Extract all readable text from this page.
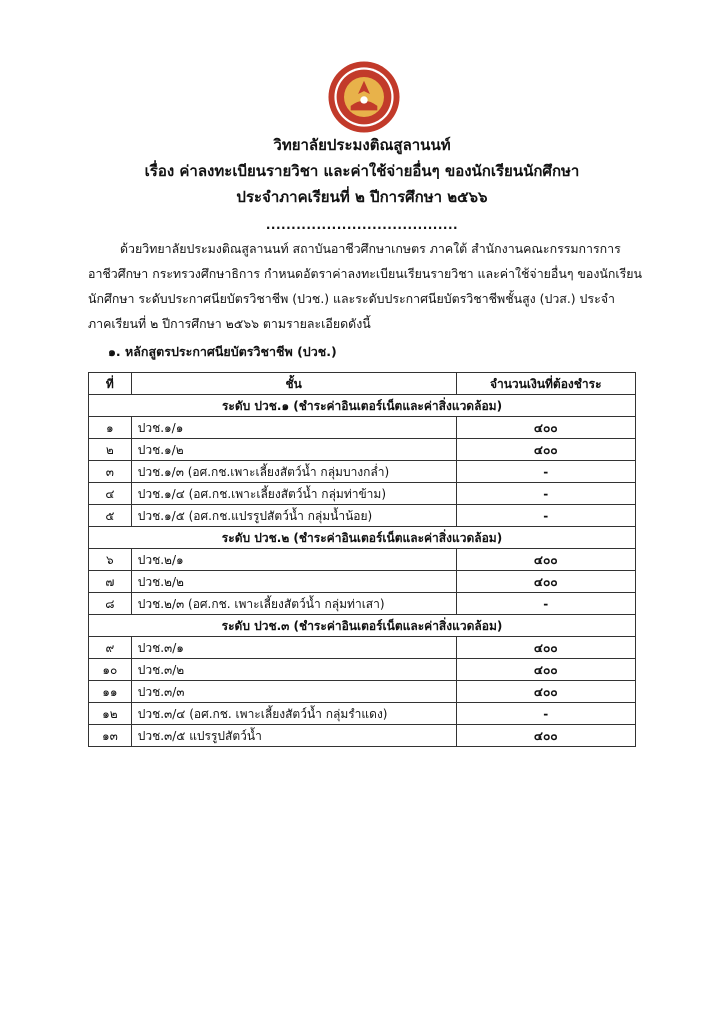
วิทยาลัยประมงติณสูลานนท์
เรื่อง ค่าลงทะเบียนรายวิชา และค่าใช้จ่ายอื่นๆ ของนักเรียนนักศึกษา
ประจำภาคเรียนที่ ๒ ปีการศึกษา ๒๕๖๖
......................................
ด้วยวิทยาลัยประมงติณสูลานนท์ สถาบันอาชีวศึกษาเกษตร ภาคใต้ สำนักงานคณะกรรมการการ
อาชีวศึกษา กระทรวงศึกษาธิการ กำหนดอัตราค่าลงทะเบียนเรียนรายวิชา และค่าใช้จ่ายอื่นๆ ของนักเรียน
นักศึกษา ระดับประกาศนียบัตรวิชาชีพ (ปวช.) และระดับประกาศนียบัตรวิชาชีพชั้นสูง (ปวส.) ประจำ
ภาคเรียนที่ ๒ ปีการศึกษา ๒๕๖๖ ตามรายละเอียดดังนี้
๑. หลักสูตรประกาศนียบัตรวิชาชีพ (ปวช.)
ที่	ชั้น	จำนวนเงินที่ต้องชำระ
ระดับ ปวช.๑ (ชำระค่าอินเตอร์เน็ตและค่าสิ่งแวดล้อม)		
๑	ปวช.๑/๑	๔๐๐
๒	ปวช.๑/๒	๔๐๐
๓	ปวช.๑/๓ (อศ.กช.เพาะเลี้ยงสัตว์น้ำ กลุ่มบางกล่ำ)	-
๔	ปวช.๑/๔ (อศ.กช.เพาะเลี้ยงสัตว์น้ำ กลุ่มท่าข้าม)	-
๕	ปวช.๑/๕ (อศ.กช.แปรรูปสัตว์น้ำ กลุ่มน้ำน้อย)	-
ระดับ ปวช.๒ (ชำระค่าอินเตอร์เน็ตและค่าสิ่งแวดล้อม)		
๖	ปวช.๒/๑	๔๐๐
๗	ปวช.๒/๒	๔๐๐
๘	ปวช.๒/๓ (อศ.กช. เพาะเลี้ยงสัตว์น้ำ กลุ่มท่าเสา)	-
ระดับ ปวช.๓ (ชำระค่าอินเตอร์เน็ตและค่าสิ่งแวดล้อม)		
๙	ปวช.๓/๑	๔๐๐
๑๐	ปวช.๓/๒	๔๐๐
๑๑	ปวช.๓/๓	๔๐๐
๑๒	ปวช.๓/๔ (อศ.กช. เพาะเลี้ยงสัตว์น้ำ กลุ่มรำแดง)	-
๑๓	ปวช.๓/๕ แปรรูปสัตว์น้ำ	๔๐๐
